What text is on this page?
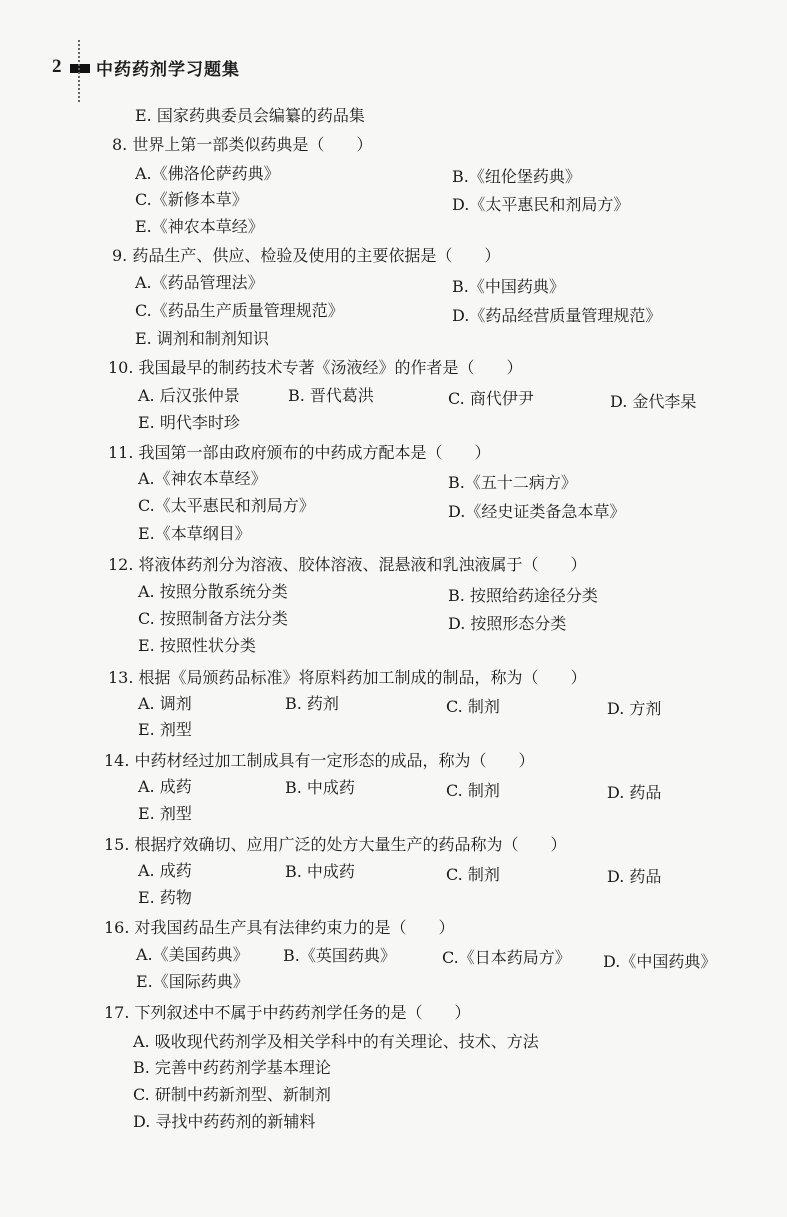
2 中药药剂学习题集
E. 国家药典委员会编纂的药品集
8. 世界上第一部类似药典是（　　）
A.《佛洛伦萨药典》	B.《纽伦堡药典》
C.《新修本草》	D.《太平惠民和剂局方》
E.《神农本草经》
9. 药品生产、供应、检验及使用的主要依据是（　　）
A.《药品管理法》	B.《中国药典》
C.《药品生产质量管理规范》	D.《药品经营质量管理规范》
E. 调剂和制剂知识
10. 我国最早的制药技术专著《汤液经》的作者是（　　）
A. 后汉张仲景	B. 晋代葛洪	C. 商代伊尹	D. 金代李杲
E. 明代李时珍
11. 我国第一部由政府颁布的中药成方配本是（　　）
A.《神农本草经》	B.《五十二病方》
C.《太平惠民和剂局方》	D.《经史证类备急本草》
E.《本草纲目》
12. 将液体药剂分为溶液、胶体溶液、混悬液和乳浊液属于（　　）
A. 按照分散系统分类	B. 按照给药途径分类
C. 按照制备方法分类	D. 按照形态分类
E. 按照性状分类
13. 根据《局颁药品标准》将原料药加工制成的制品，称为（　　）
A. 调剂	B. 药剂	C. 制剂	D. 方剂
E. 剂型
14. 中药材经过加工制成具有一定形态的成品，称为（　　）
A. 成药	B. 中成药	C. 制剂	D. 药品
E. 剂型
15. 根据疗效确切、应用广泛的处方大量生产的药品称为（　　）
A. 成药	B. 中成药	C. 制剂	D. 药品
E. 药物
16. 对我国药品生产具有法律约束力的是（　　）
A.《美国药典》 B.《英国药典》	C.《日本药局方》 D.《中国药典》
E.《国际药典》
17. 下列叙述中不属于中药药剂学任务的是（　　）
A. 吸收现代药剂学及相关学科中的有关理论、技术、方法
B. 完善中药药剂学基本理论
C. 研制中药新剂型、新制剂
D. 寻找中药药剂的新辅料
